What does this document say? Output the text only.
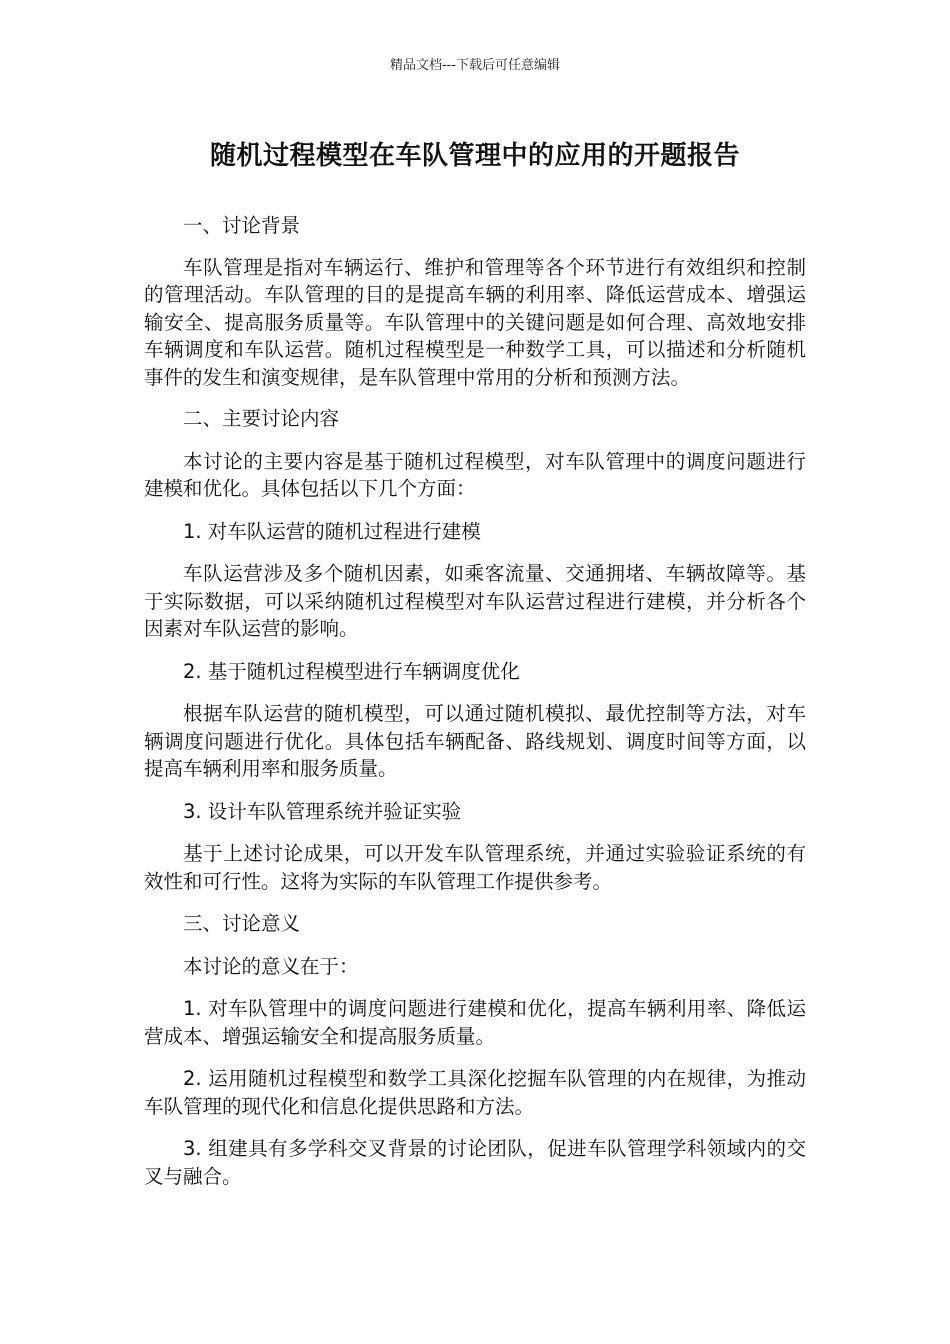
精品文档---下载后可任意编辑
随机过程模型在车队管理中的应用的开题报告

一、讨论背景

车队管理是指对车辆运行、维护和管理等各个环节进行有效组织和控制的管理活动。车队管理的目的是提高车辆的利用率、降低运营成本、增强运输安全、提高服务质量等。车队管理中的关键问题是如何合理、高效地安排车辆调度和车队运营。随机过程模型是一种数学工具，可以描述和分析随机事件的发生和演变规律，是车队管理中常用的分析和预测方法。

二、主要讨论内容

本讨论的主要内容是基于随机过程模型，对车队管理中的调度问题进行建模和优化。具体包括以下几个方面：

1. 对车队运营的随机过程进行建模

车队运营涉及多个随机因素，如乘客流量、交通拥堵、车辆故障等。基于实际数据，可以采纳随机过程模型对车队运营过程进行建模，并分析各个因素对车队运营的影响。

2. 基于随机过程模型进行车辆调度优化

根据车队运营的随机模型，可以通过随机模拟、最优控制等方法，对车辆调度问题进行优化。具体包括车辆配备、路线规划、调度时间等方面，以提高车辆利用率和服务质量。

3. 设计车队管理系统并验证实验

基于上述讨论成果，可以开发车队管理系统，并通过实验验证系统的有效性和可行性。这将为实际的车队管理工作提供参考。

三、讨论意义

本讨论的意义在于：

1. 对车队管理中的调度问题进行建模和优化，提高车辆利用率、降低运营成本、增强运输安全和提高服务质量。

2. 运用随机过程模型和数学工具深化挖掘车队管理的内在规律，为推动车队管理的现代化和信息化提供思路和方法。

3. 组建具有多学科交叉背景的讨论团队，促进车队管理学科领域内的交叉与融合。
